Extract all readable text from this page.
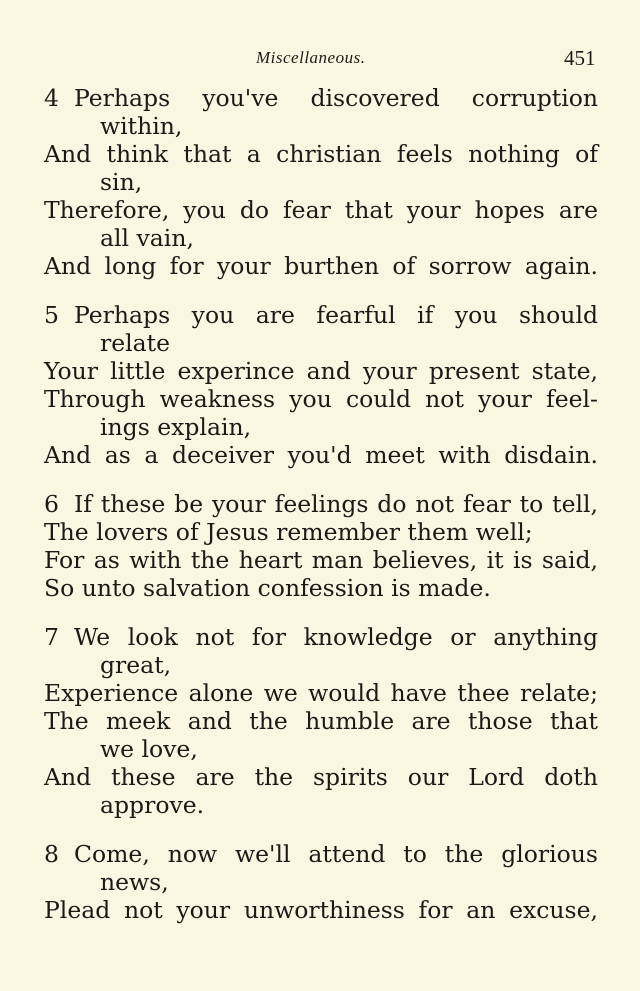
Miscellaneous.	451
4 Perhaps you've discovered corruption
within,
And think that a christian feels nothing of
sin,
Therefore, you do fear that your hopes are
all vain,
And long for your burthen of sorrow again.
5 Perhaps you are fearful if you should
relate
Your little experince and your present state,
Through weakness you could not your feel-
ings explain,
And as a deceiver you'd meet with disdain.
6 If these be your feelings do not fear to tell,
The lovers of Jesus remember them well;
For as with the heart man believes, it is said,
So unto salvation confession is made.
7 We look not for knowledge or anything
great,
Experience alone we would have thee relate;
The meek and the humble are those that
we love,
And these are the spirits our Lord doth
approve.
8 Come, now we'll attend to the glorious
news,
Plead not your unworthiness for an excuse,
